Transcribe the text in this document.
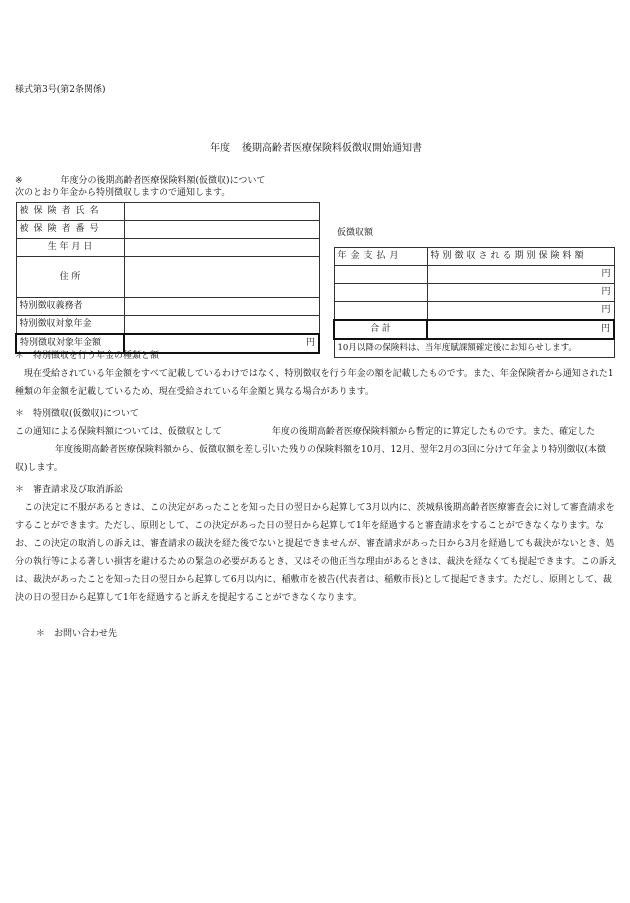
様式第3号(第2条関係)
年度 後期高齢者医療保険料仮徴収開始通知書
※	年度分の後期高齢者医療保険料額(仮徴収)について
次のとおり年金から特別徴収しますので通知します。
被保険者氏名	
被保険者番号	
生 年 月 日	
住 所	
特別徴収義務者	
特別徴収対象年金	
特別徴収対象年金額	円
仮徴収額
年金支払月	特別徴収される期別保険料額
	円
	円
	円
合 計	円
10月以降の保険料は、当年度賦課額確定後にお知らせします。	
＊　特別徴収を行う年金の種類と額
　現在受給されている年金額をすべて記載しているわけではなく、特別徴収を行う年金の額を記載したものです。また、年金保険者から通知された1種類の年金額を記載しているため、現在受給されている年金額と異なる場合があります。
＊　特別徴収(仮徴収)について
この通知による保険料額については、仮徴収として	年度の後期高齢者医療保険料額から暫定的に算定したものです。また、確定した年度後期高齢者医療保険料額から、仮徴収額を差し引いた残りの保険料額を10月、12月、翌年2月の3回に分けて年金より特別徴収(本徴収)します。
＊　審査請求及び取消訴訟
　この決定に不服があるときは、この決定があったことを知った日の翌日から起算して3月以内に、茨城県後期高齢者医療審査会に対して審査請求をすることができます。ただし、原則として、この決定があった日の翌日から起算して1年を経過すると審査請求をすることができなくなります。なお、この決定の取消しの訴えは、審査請求の裁決を経た後でないと提起できませんが、審査請求があった日から3月を経過しても裁決がないとき、処分の執行等による著しい損害を避けるための緊急の必要があるとき、又はその他正当な理由があるときは、裁決を経なくても提起できます。この訴えは、裁決があったことを知った日の翌日から起算して6月以内に、稲敷市を被告(代表者は、稲敷市長)として提起できます。ただし、原則として、裁決の日の翌日から起算して1年を経過すると訴えを提起することができなくなります。
＊　お問い合わせ先
